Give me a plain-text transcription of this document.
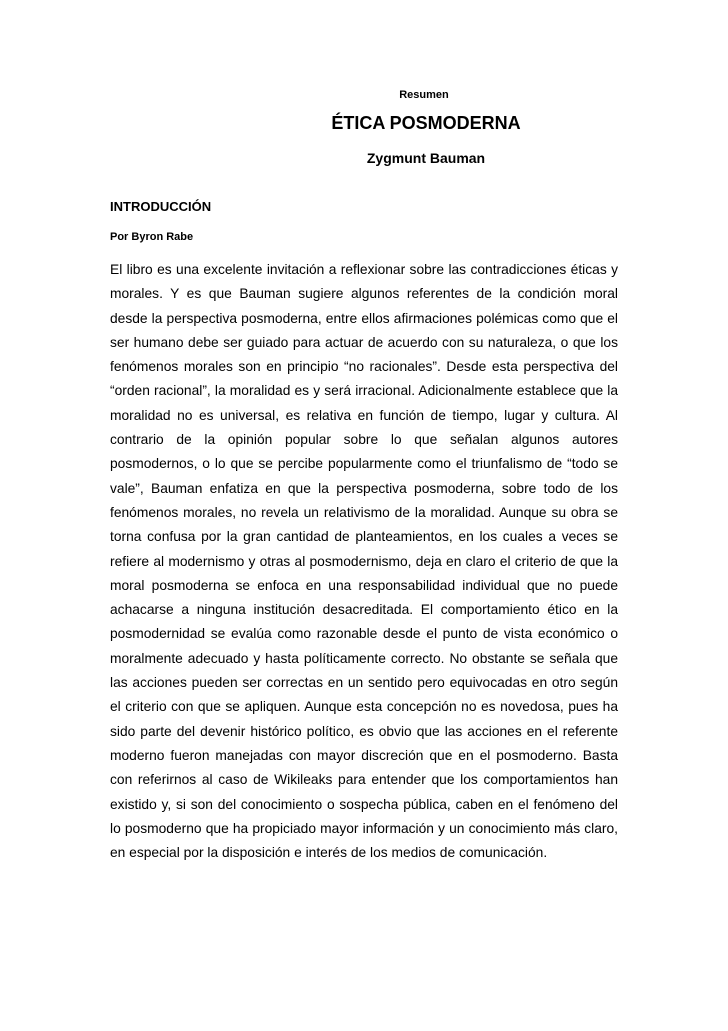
Resumen
ÉTICA POSMODERNA
Zygmunt Bauman
INTRODUCCIÓN
Por Byron Rabe

El libro es una excelente invitación a reflexionar sobre las contradicciones éticas y morales. Y es que Bauman sugiere algunos referentes de la condición moral desde la perspectiva posmoderna, entre ellos afirmaciones polémicas como que el ser humano debe ser guiado para actuar de acuerdo con su naturaleza, o que los fenómenos morales son en principio “no racionales”. Desde esta perspectiva del “orden racional”, la moralidad es y será irracional. Adicionalmente establece que la moralidad no es universal, es relativa en función de tiempo, lugar y cultura. Al contrario de la opinión popular sobre lo que señalan algunos autores posmodernos, o lo que se percibe popularmente como el triunfalismo de “todo se vale”, Bauman enfatiza en que la perspectiva posmoderna, sobre todo de los fenómenos morales, no revela un relativismo de la moralidad. Aunque su obra se torna confusa por la gran cantidad de planteamientos, en los cuales a veces se refiere al modernismo y otras al posmodernismo, deja en claro el criterio de que la moral posmoderna se enfoca en una responsabilidad individual que no puede achacarse a ninguna institución desacreditada. El comportamiento ético en la posmodernidad se evalúa como razonable desde el punto de vista económico o moralmente adecuado y hasta políticamente correcto. No obstante se señala que las acciones pueden ser correctas en un sentido pero equivocadas en otro según el criterio con que se apliquen. Aunque esta concepción no es novedosa, pues ha sido parte del devenir histórico político, es obvio que las acciones en el referente moderno fueron manejadas con mayor discreción que en el posmoderno. Basta con referirnos al caso de Wikileaks para entender que los comportamientos han existido y, si son del conocimiento o sospecha pública, caben en el fenómeno del lo posmoderno que ha propiciado mayor información y un conocimiento más claro, en especial por la disposición e interés de los medios de comunicación.
